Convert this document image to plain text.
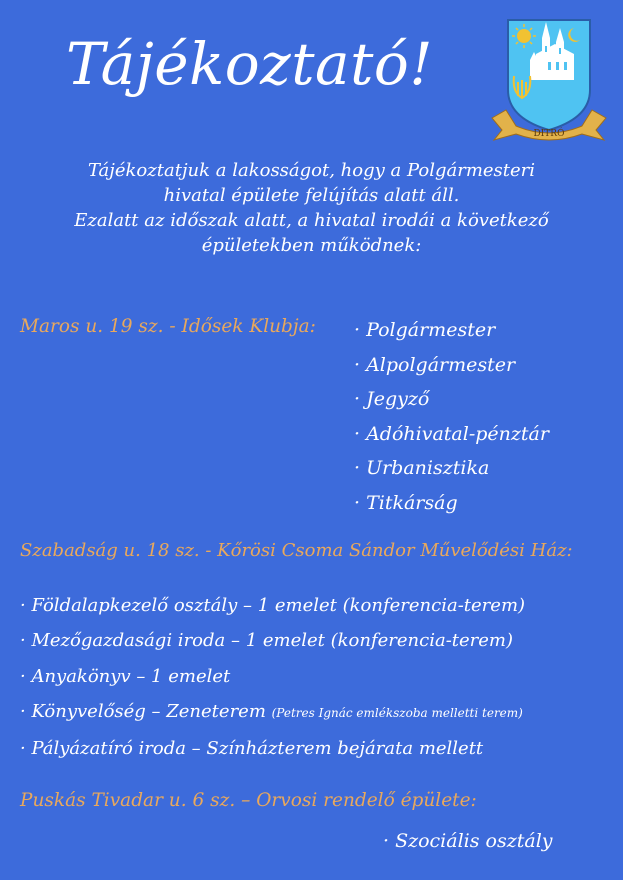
Tájékoztató!
DITRÓ
Tájékoztatjuk a lakosságot, hogy a Polgármesteri
hivatal épülete felújítás alatt áll.
Ezalatt az időszak alatt, a hivatal irodái a következő
épületekben működnek:
Maros u. 19 sz. - Idősek Klubja: · Polgármester
· Alpolgármester
· Jegyző
· Adóhivatal-pénztár
· Urbanisztika
· Titkárság
Szabadság u. 18 sz. - Kőrösi Csoma Sándor Művelődési Ház:
· Földalapkezelő osztály – 1 emelet (konferencia-terem)
· Mezőgazdasági iroda – 1 emelet (konferencia-terem)
· Anyakönyv – 1 emelet
· Könyvelőség – Zeneterem (Petres Ignác emlékszoba melletti terem)
· Pályázatíró iroda – Színházterem bejárata mellett
Puskás Tivadar u. 6 sz. – Orvosi rendelő épülete:
· Szociális osztály
